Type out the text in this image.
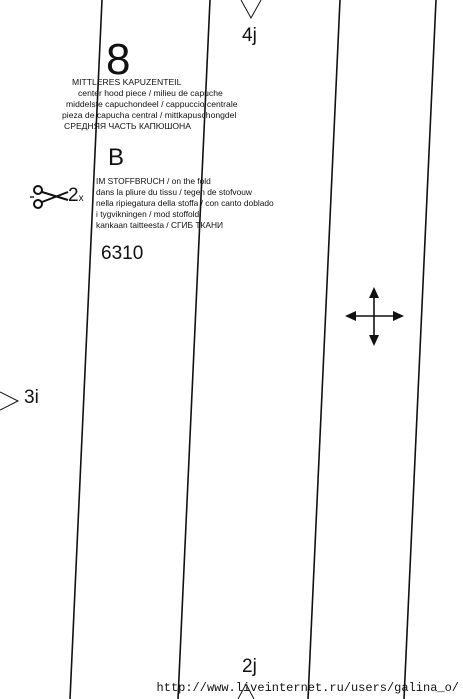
8
MITTLERES KAPUZENTEIL
center hood piece / milieu de capuche
middelste capuchondeel / cappuccio centrale
pieza de capucha central / mittkapuschongdel
СРЕДНЯЯ ЧАСТЬ КАПЮШОНА
B
IM STOFFBRUCH / on the fold
dans la pliure du tissu / tegen de stofvouw
nella ripiegatura della stoffa / con canto doblado
i tygvikningen / mod stoffold
kankaan taitteesta / СГИБ ТКАНИ
2x
6310
4j
3i
2j
http://www.liveinternet.ru/users/galina_o/
